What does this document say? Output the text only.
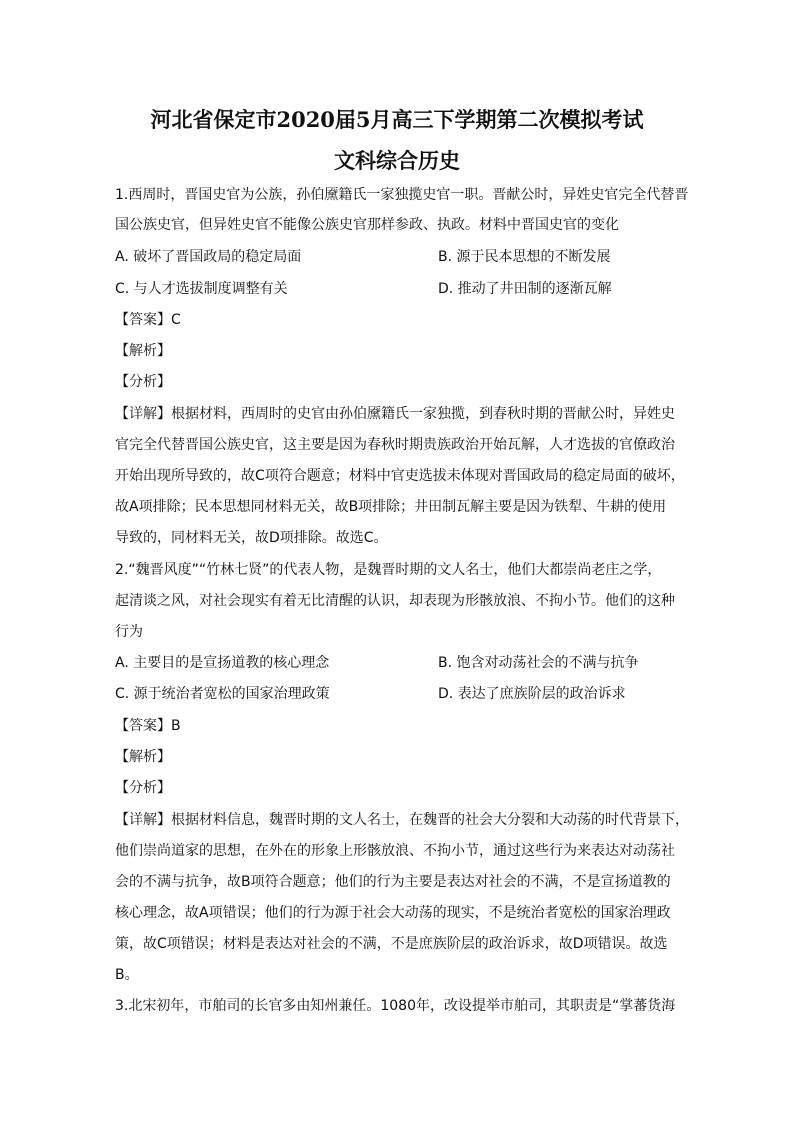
河北省保定市2020届5月高三下学期第二次模拟考试
文科综合历史
1.西周时，晋国史官为公族，孙伯黡籍氏一家独揽史官一职。晋献公时，异姓史官完全代替晋
国公族史官，但异姓史官不能像公族史官那样参政、执政。材料中晋国史官的变化
A. 破坏了晋国政局的稳定局面	B. 源于民本思想的不断发展
C. 与人才选拔制度调整有关	D. 推动了井田制的逐渐瓦解
【答案】C
【解析】
【分析】
【详解】根据材料，西周时的史官由孙伯黡籍氏一家独揽，到春秋时期的晋献公时，异姓史
官完全代替晋国公族史官，这主要是因为春秋时期贵族政治开始瓦解，人才选拔的官僚政治
开始出现所导致的，故C项符合题意；材料中官吏选拔未体现对晋国政局的稳定局面的破坏，
故A项排除；民本思想同材料无关，故B项排除；井田制瓦解主要是因为铁犁、牛耕的使用
导致的，同材料无关，故D项排除。故选C。
2.“魏晋风度”“竹林七贤”的代表人物，是魏晋时期的文人名士，他们大都崇尚老庄之学，
起清谈之风，对社会现实有着无比清醒的认识，却表现为形骸放浪、不拘小节。他们的这种
行为
A. 主要目的是宣扬道教的核心理念	B. 饱含对动荡社会的不满与抗争
C. 源于统治者宽松的国家治理政策	D. 表达了庶族阶层的政治诉求
【答案】B
【解析】
【分析】
【详解】根据材料信息，魏晋时期的文人名士，在魏晋的社会大分裂和大动荡的时代背景下，
他们崇尚道家的思想，在外在的形象上形骸放浪、不拘小节，通过这些行为来表达对动荡社
会的不满与抗争，故B项符合题意；他们的行为主要是表达对社会的不满，不是宣扬道教的
核心理念，故A项错误；他们的行为源于社会大动荡的现实，不是统治者宽松的国家治理政
策，故C项错误；材料是表达对社会的不满，不是庶族阶层的政治诉求，故D项错误。故选
B。
3.北宋初年，市舶司的长官多由知州兼任。1080年，改设提举市舶司，其职责是“掌蕃货海
